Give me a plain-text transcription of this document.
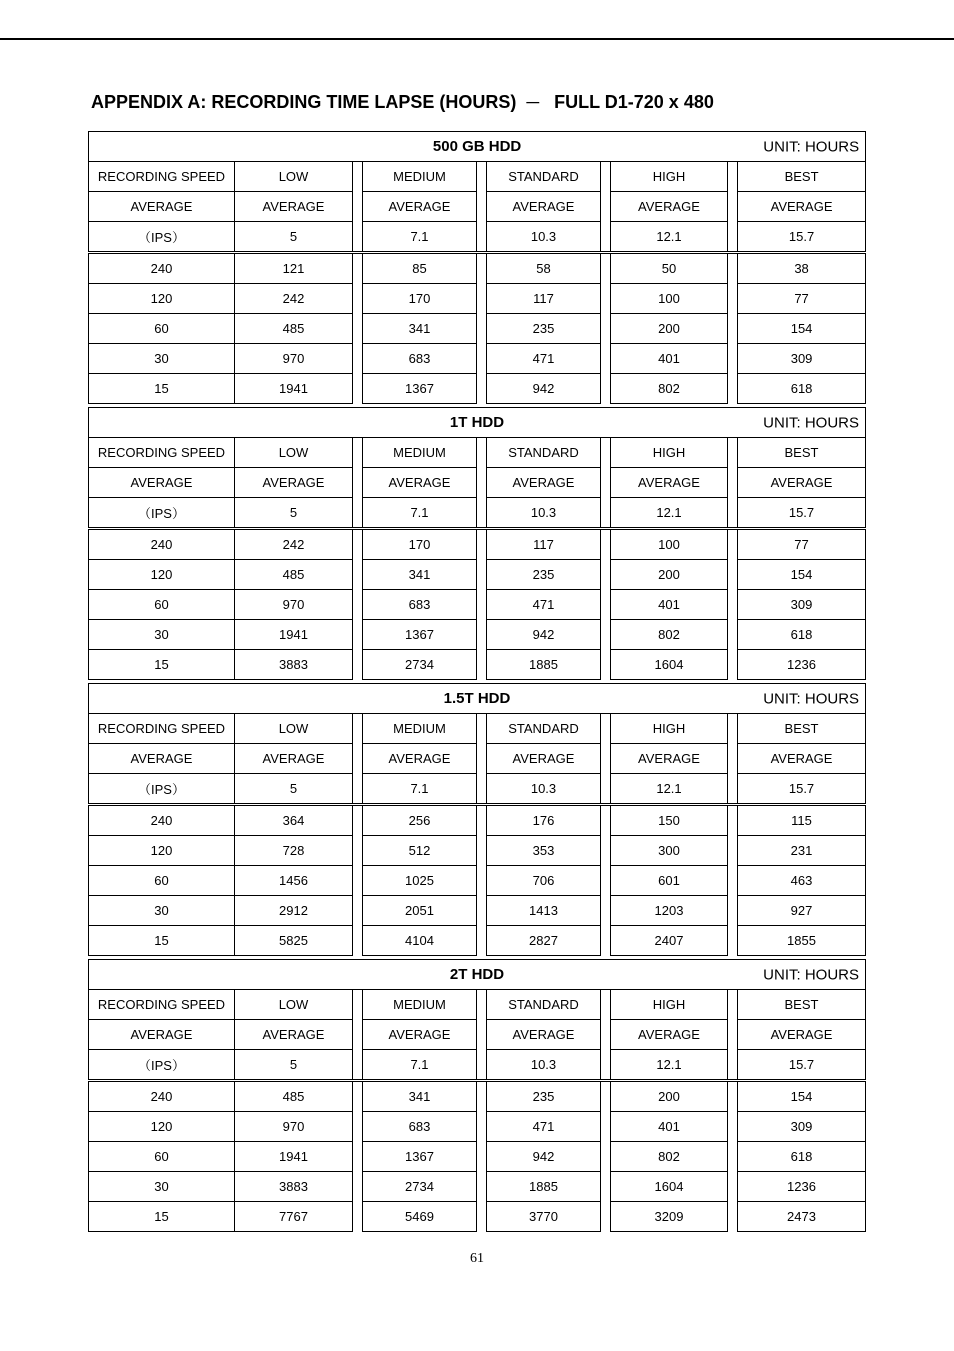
APPENDIX A: RECORDING TIME LAPSE (HOURS)  ─   FULL D1-720 x 480
61
500 GB HDD UNIT: HOURS									

RECORDING SPEED	LOW		MEDIUM		STANDARD		HIGH		BEST
AVERAGE	AVERAGE		AVERAGE		AVERAGE		AVERAGE		AVERAGE
（IPS）	5		7.1		10.3		12.1		15.7
240	121		85		58		50		38
120	242		170		117		100		77
60	485		341		235		200		154
30	970		683		471		401		309
15	1941		1367		942		802		618
1T HDD UNIT: HOURS									

RECORDING SPEED	LOW		MEDIUM		STANDARD		HIGH		BEST
AVERAGE	AVERAGE		AVERAGE		AVERAGE		AVERAGE		AVERAGE
（IPS）	5		7.1		10.3		12.1		15.7
240	242		170		117		100		77
120	485		341		235		200		154
60	970		683		471		401		309
30	1941		1367		942		802		618
15	3883		2734		1885		1604		1236
1.5T HDD UNIT: HOURS									

RECORDING SPEED	LOW		MEDIUM		STANDARD		HIGH		BEST
AVERAGE	AVERAGE		AVERAGE		AVERAGE		AVERAGE		AVERAGE
（IPS）	5		7.1		10.3		12.1		15.7
240	364		256		176		150		115
120	728		512		353		300		231
60	1456		1025		706		601		463
30	2912		2051		1413		1203		927
15	5825		4104		2827		2407		1855
2T HDD UNIT: HOURS									

RECORDING SPEED	LOW		MEDIUM		STANDARD		HIGH		BEST
AVERAGE	AVERAGE		AVERAGE		AVERAGE		AVERAGE		AVERAGE
（IPS）	5		7.1		10.3		12.1		15.7
240	485		341		235		200		154
120	970		683		471		401		309
60	1941		1367		942		802		618
30	3883		2734		1885		1604		1236
15	7767		5469		3770		3209		2473
